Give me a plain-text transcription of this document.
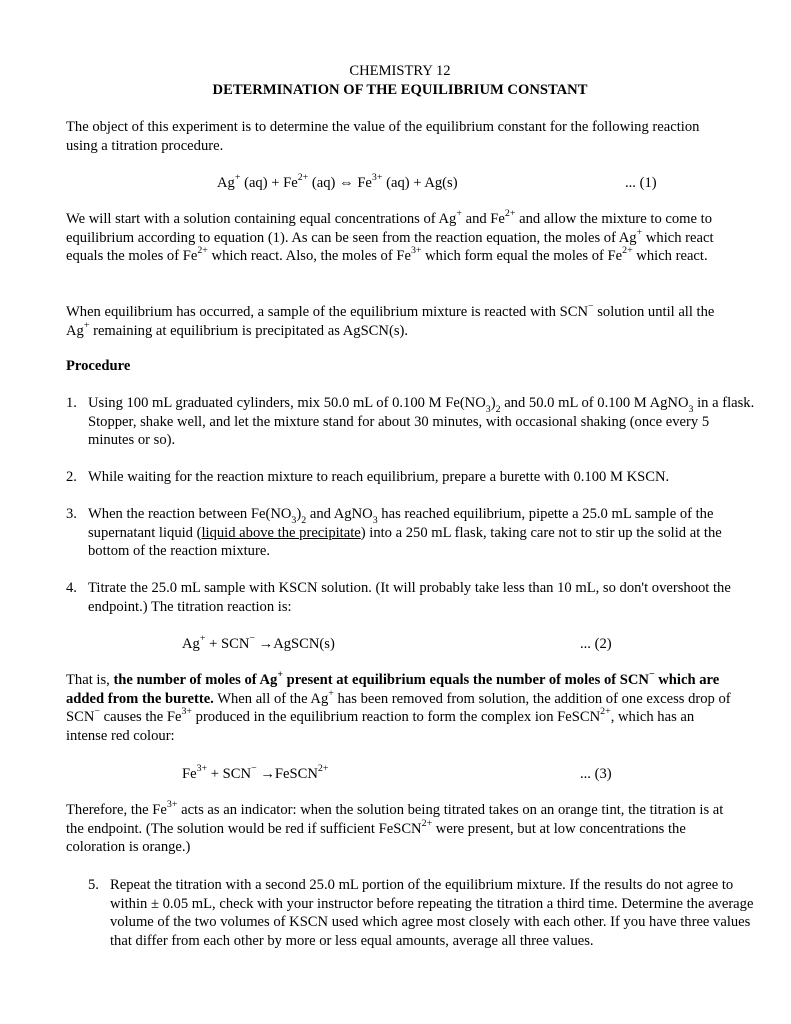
CHEMISTRY 12

DETERMINATION OF THE EQUILIBRIUM CONSTANT

The object of this experiment is to determine the value of the equilibrium constant for the following reaction using a titration procedure.

Ag+ $(aq) + Fe^{2+}$ (aq) ⇔ $Fe^{3+}$ (aq) + Ag(s)	... (1)

We will start with a solution containing equal concentrations of Ag+ and $Fe^{2+}$ and allow the mixture to come to equilibrium according to equation (1). As can be seen from the reaction equation, the moles of Ag+ which react equals the moles of $Fe^{2+}$ which react. Also, the moles of $Fe^{3+}$ which form equal the moles of $Fe^{2+}$ which react.

When equilibrium has occurred, a sample of the equilibrium mixture is reacted with SCN− solution until all the Ag+ remaining at equilibrium is precipitated as AgSCN(s).

Procedure

1. Using 100 mL graduated cylinders, mix 50.0 mL of 0.100 M $Fe(NO_3)_2$ and 50.0 mL of 0.100 M AgNO$_3$ in a flask. Stopper, shake well, and let the mixture stand for about 30 minutes, with occasional shaking (once every 5 minutes or so).

2. While waiting for the reaction mixture to reach equilibrium, prepare a burette with 0.100 M KSCN.

3. When the reaction between $Fe(NO_3)_2$ and AgNO$_3$ has reached equilibrium, pipette a 25.0 mL sample of the supernatant liquid (liquid above the precipitate) into a 250 mL flask, taking care not to stir up the solid at the bottom of the reaction mixture.

4. Titrate the 25.0 mL sample with KSCN solution. (It will probably take less than 10 mL, so don't overshoot the endpoint.) The titration reaction is:

Ag+ + SCN− →AgSCN(s)	... (2)

That is, the number of moles of Ag+ present at equilibrium equals the number of moles of SCN− which are added from the burette. When all of the Ag+ has been removed from solution, the addition of one excess drop of SCN− causes the $Fe^{3+}$ produced in the equilibrium reaction to form the complex ion FeSCN$^{2+}$, which has an intense red colour:

$Fe^{3+} + SCN^-$ →FeSCN$^{2+}$	... (3)

Therefore, the $Fe^{3+}$ acts as an indicator: when the solution being titrated takes on an orange tint, the titration is at the endpoint. (The solution would be red if sufficient FeSCN$^{2+}$ were present, but at low concentrations the coloration is orange.)

5. Repeat the titration with a second 25.0 mL portion of the equilibrium mixture. If the results do not agree to within ± 0.05 mL, check with your instructor before repeating the titration a third time. Determine the average volume of the two volumes of KSCN used which agree most closely with each other. If you have three values that differ from each other by more or less equal amounts, average all three values.
